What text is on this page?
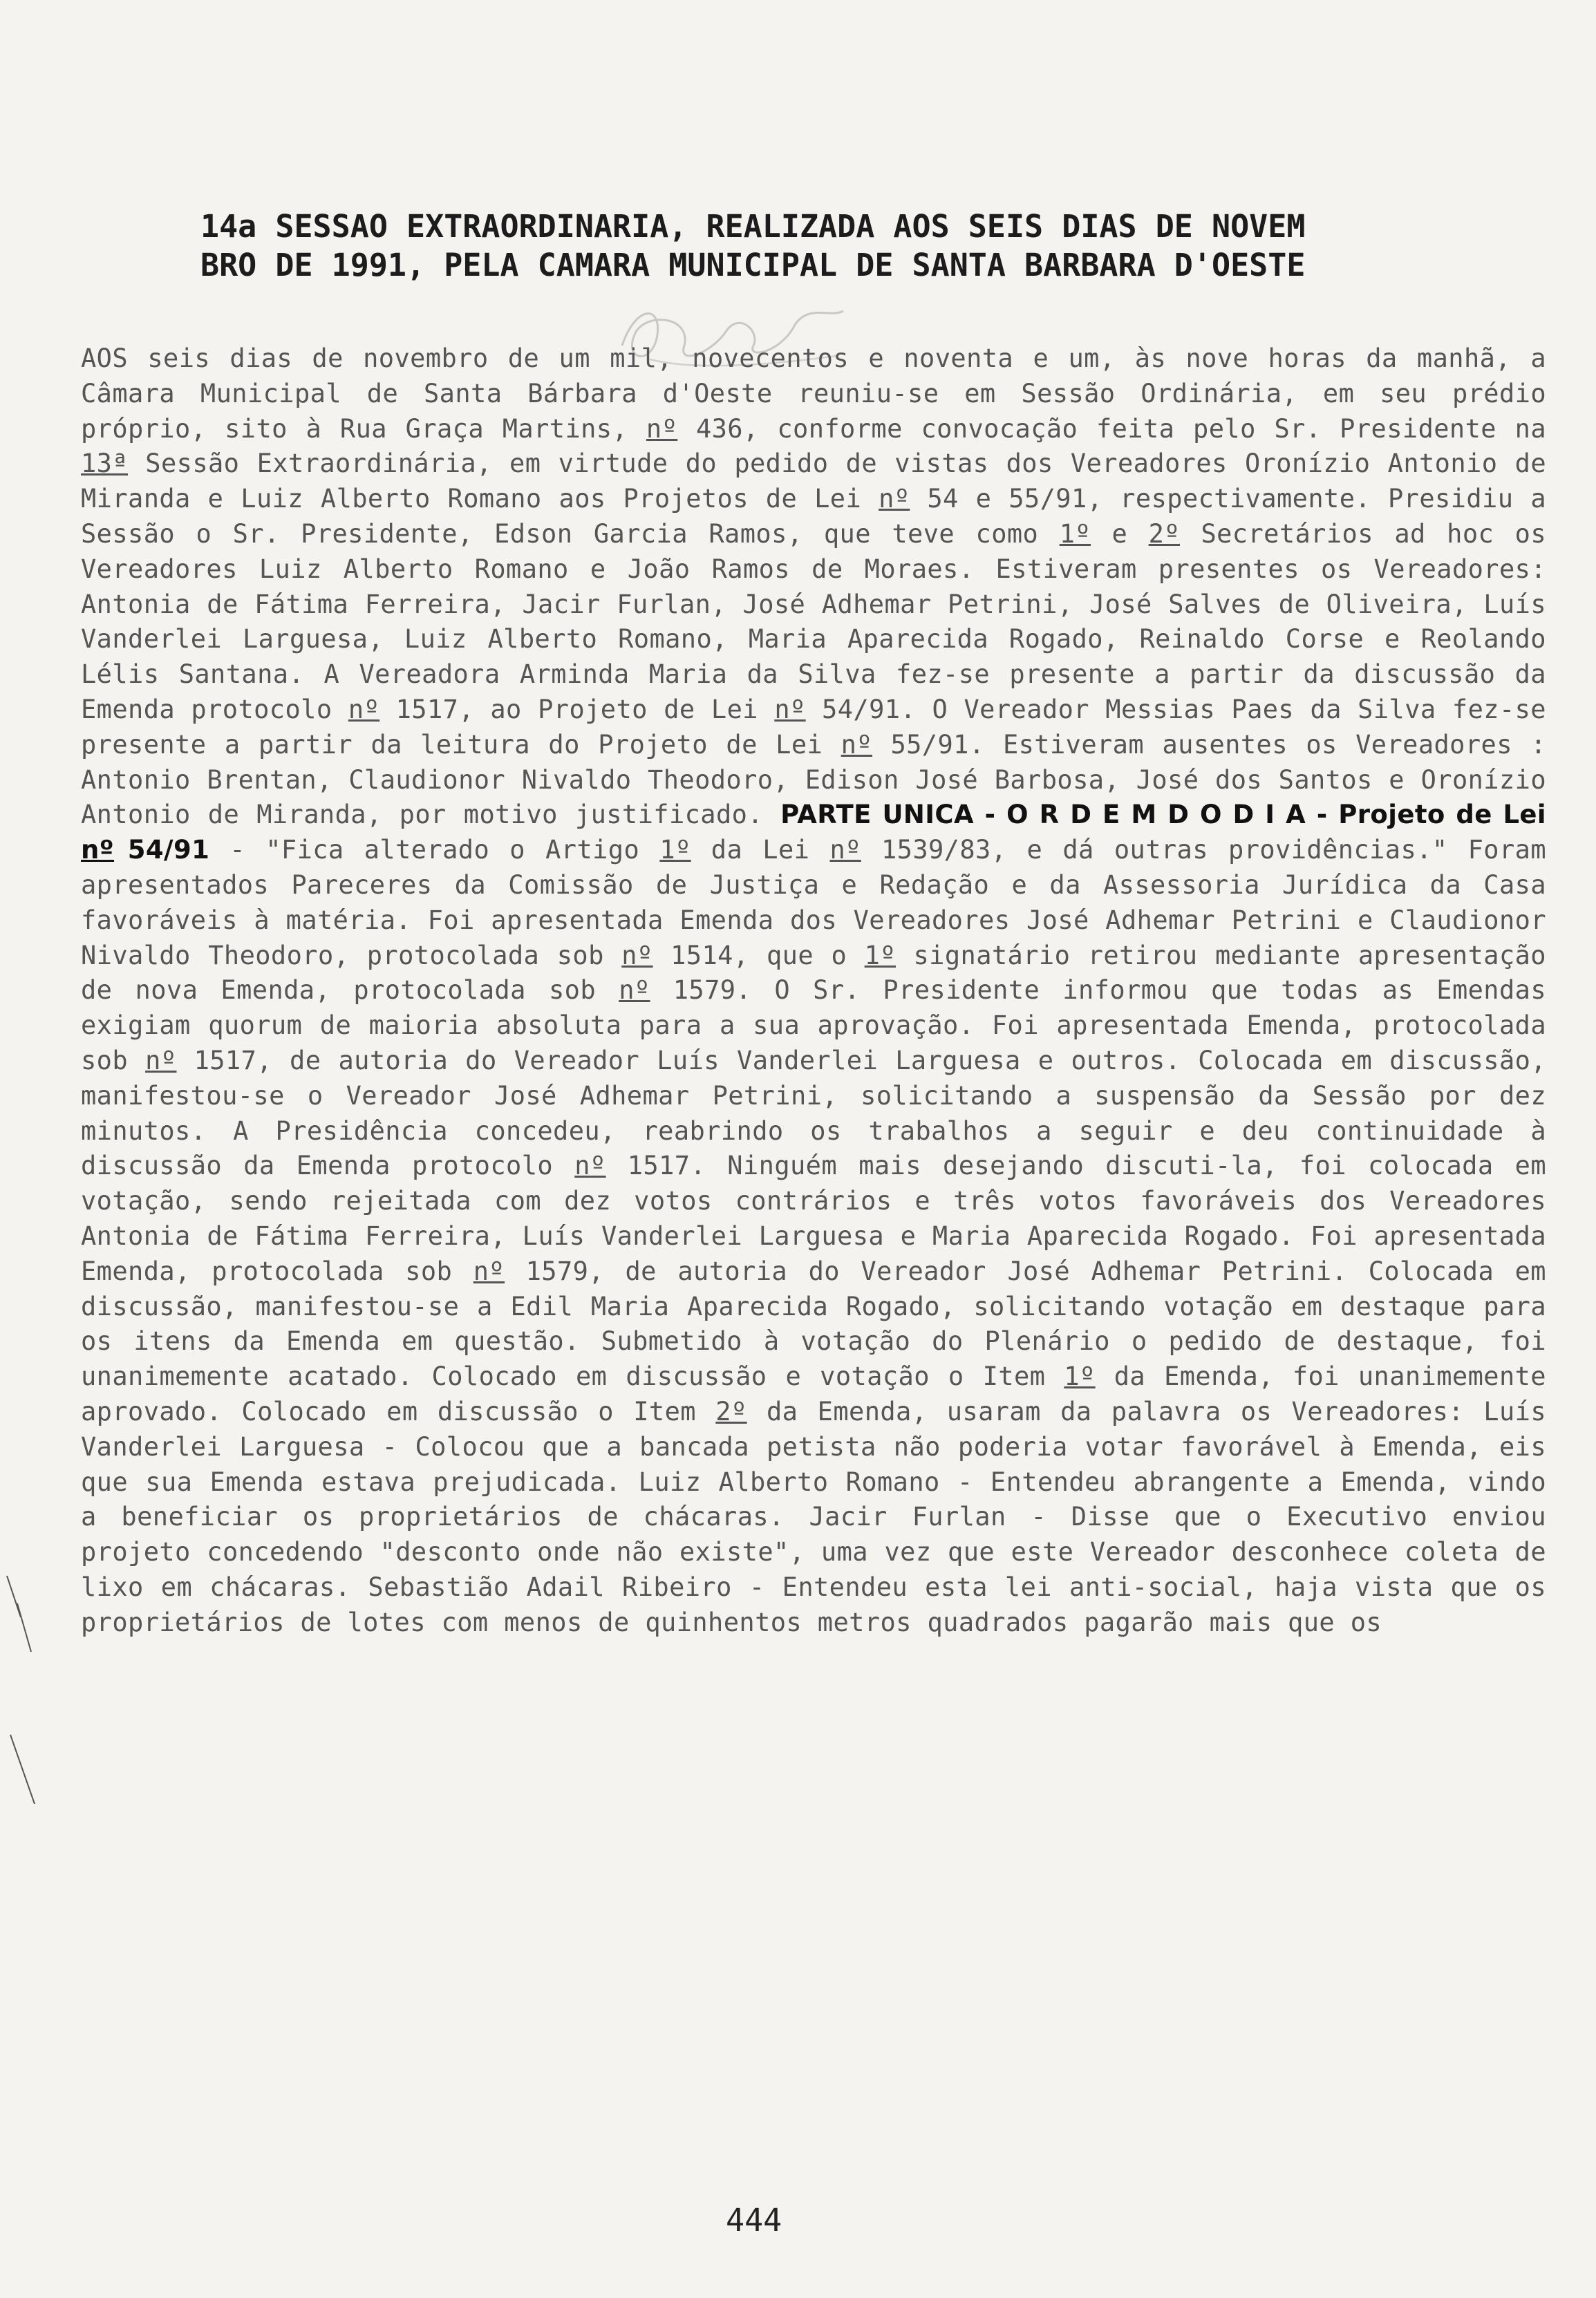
14a SESSAO EXTRAORDINARIA, REALIZADA AOS SEIS DIAS DE NOVEM
BRO DE 1991, PELA CAMARA MUNICIPAL DE SANTA BARBARA D'OESTE
AOS seis dias de novembro de um mil, novecentos e noventa e um, às nove horas da manhã, a Câmara Municipal de Santa Bárbara d'Oeste reuniu-se em Sessão Ordinária, em seu prédio próprio, sito à Rua Graça Martins, nº 436, conforme convocação feita pelo Sr. Presidente na 13ª Sessão Extraordinária, em virtude do pedido de vistas dos Vereadores Oronízio Antonio de Miranda e Luiz Alberto Romano aos Projetos de Lei nº 54 e 55/91, respectivamente. Presidiu a Sessão o Sr. Presidente, Edson Garcia Ramos, que teve como 1º e 2º Secretários ad hoc os Vereadores Luiz Alberto Romano e João Ramos de Moraes. Estiveram presentes os Vereadores: Antonia de Fátima Ferreira, Jacir Furlan, José Adhemar Petrini, José Salves de Oliveira, Luís Vanderlei Larguesa, Luiz Alberto Romano, Maria Aparecida Rogado, Reinaldo Corse e Reolando Lélis Santana. A Vereadora Arminda Maria da Silva fez-se presente a partir da discussão da Emenda protocolo nº 1517, ao Projeto de Lei nº 54/91. O Vereador Messias Paes da Silva fez-se presente a partir da leitura do Projeto de Lei nº 55/91. Estiveram ausentes os Vereadores : Antonio Brentan, Claudionor Nivaldo Theodoro, Edison José Barbosa, José dos Santos e Oronízio Antonio de Miranda, por motivo justificado. PARTE UNICA - O R D E M D O D I A - Projeto de Lei nº 54/91 - "Fica alterado o Artigo 1º da Lei nº 1539/83, e dá outras providências." Foram apresentados Pareceres da Comissão de Justiça e Redação e da Assessoria Jurídica da Casa favoráveis à matéria. Foi apresentada Emenda dos Vereadores José Adhemar Petrini e Claudionor Nivaldo Theodoro, protocolada sob nº 1514, que o 1º signatário retirou mediante apresentação de nova Emenda, protocolada sob nº 1579. O Sr. Presidente informou que todas as Emendas exigiam quorum de maioria absoluta para a sua aprovação. Foi apresentada Emenda, protocolada sob nº 1517, de autoria do Vereador Luís Vanderlei Larguesa e outros. Colocada em discussão, manifestou-se o Vereador José Adhemar Petrini, solicitando a suspensão da Sessão por dez minutos. A Presidência concedeu, reabrindo os trabalhos a seguir e deu continuidade à discussão da Emenda protocolo nº 1517. Ninguém mais desejando discuti-la, foi colocada em votação, sendo rejeitada com dez votos contrários e três votos favoráveis dos Vereadores Antonia de Fátima Ferreira, Luís Vanderlei Larguesa e Maria Aparecida Rogado. Foi apresentada Emenda, protocolada sob nº 1579, de autoria do Vereador José Adhemar Petrini. Colocada em discussão, manifestou-se a Edil Maria Aparecida Rogado, solicitando votação em destaque para os itens da Emenda em questão. Submetido à votação do Plenário o pedido de destaque, foi unanimemente acatado. Colocado em discussão e votação o Item 1º da Emenda, foi unanimemente aprovado. Colocado em discussão o Item 2º da Emenda, usaram da palavra os Vereadores: Luís Vanderlei Larguesa - Colocou que a bancada petista não poderia votar favorável à Emenda, eis que sua Emenda estava prejudicada. Luiz Alberto Romano - Entendeu abrangente a Emenda, vindo a beneficiar os proprietários de chácaras. Jacir Furlan - Disse que o Executivo enviou projeto concedendo "desconto onde não existe", uma vez que este Vereador desconhece coleta de lixo em chácaras. Sebastião Adail Ribeiro - Entendeu esta lei anti-social, haja vista que os proprietários de lotes com menos de quinhentos metros quadrados pagarão mais que os
444
